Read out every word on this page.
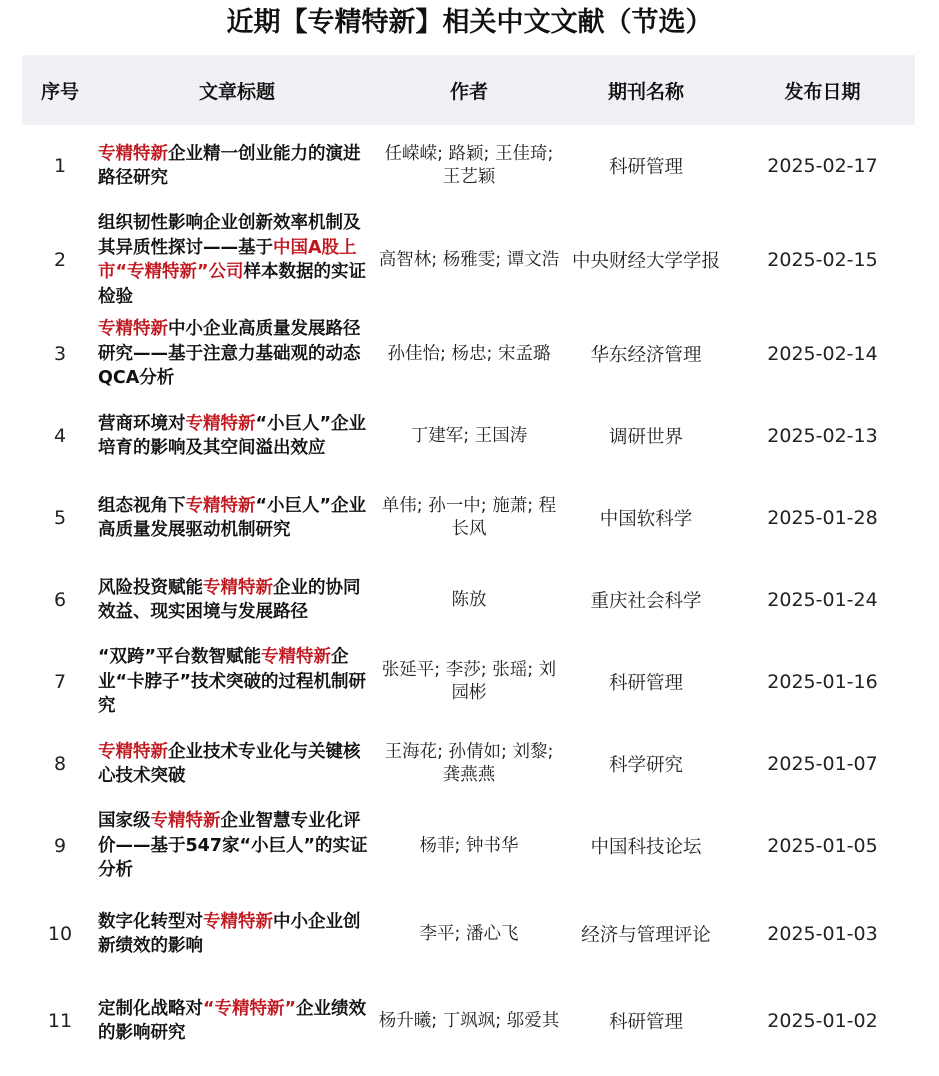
近期【专精特新】相关中文文献（节选）
序号	文章标题	作者	期刊名称	发布日期
1	专精特新企业精一创业能力的演进路径研究	任嵘嵘; 路颖; 王佳琦; 王艺颖	科研管理	2025-02-17
2	组织韧性影响企业创新效率机制及其异质性探讨——基于中国A股上市“专精特新”公司样本数据的实证检验	高智林; 杨雅雯; 谭文浩	中央财经大学学报	2025-02-15
3	专精特新中小企业高质量发展路径研究——基于注意力基础观的动态QCA分析	孙佳怡; 杨忠; 宋孟璐	华东经济管理	2025-02-14
4	营商环境对专精特新“小巨人”企业培育的影响及其空间溢出效应	丁建军; 王国涛	调研世界	2025-02-13
5	组态视角下专精特新“小巨人”企业高质量发展驱动机制研究	单伟; 孙一中; 施萧; 程长风	中国软科学	2025-01-28
6	风险投资赋能专精特新企业的协同效益、现实困境与发展路径	陈放	重庆社会科学	2025-01-24
7	“双跨”平台数智赋能专精特新企业“卡脖子”技术突破的过程机制研究	张延平; 李莎; 张瑶; 刘园彬	科研管理	2025-01-16
8	专精特新企业技术专业化与关键核心技术突破	王海花; 孙倩如; 刘黎; 龚燕燕	科学研究	2025-01-07
9	国家级专精特新企业智慧专业化评价——基于547家“小巨人”的实证分析	杨菲; 钟书华	中国科技论坛	2025-01-05
10	数字化转型对专精特新中小企业创新绩效的影响	李平; 潘心飞	经济与管理评论	2025-01-03
11	定制化战略对“专精特新”企业绩效的影响研究	杨升曦; 丁飒飒; 邬爱其	科研管理	2025-01-02
